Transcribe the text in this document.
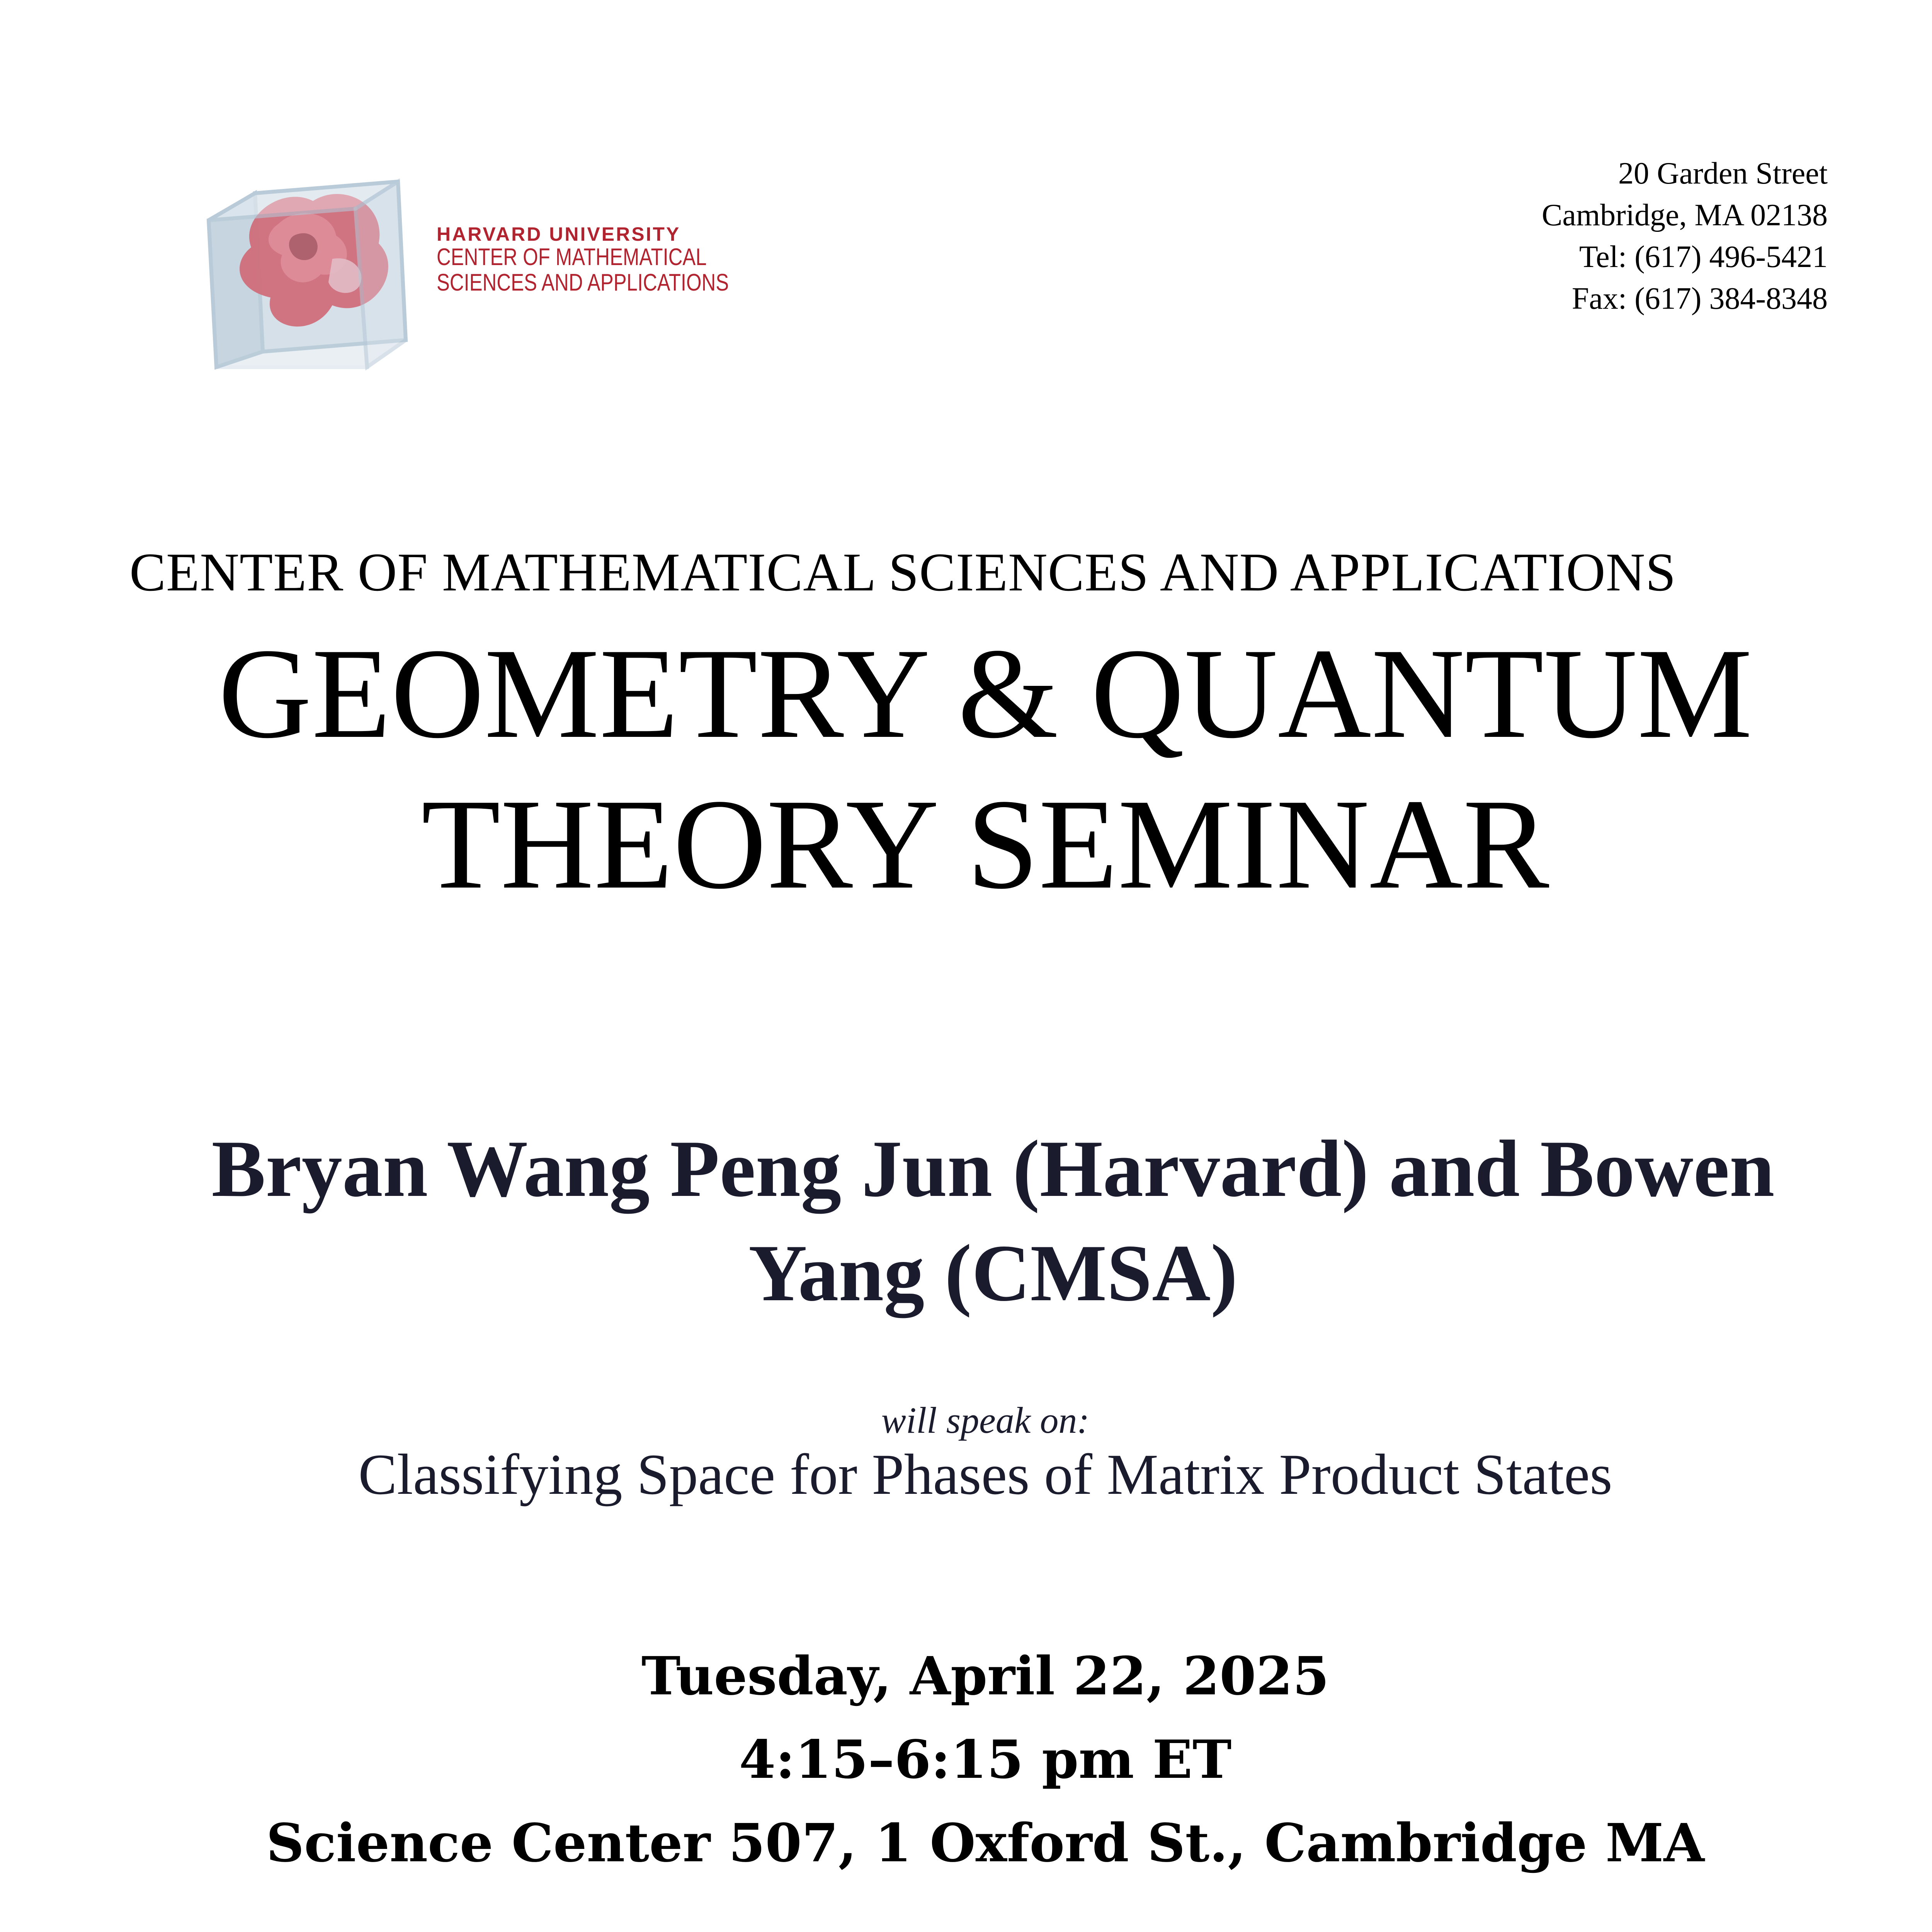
HARVARD UNIVERSITY
CENTER OF MATHEMATICAL
SCIENCES AND APPLICATIONS
20 Garden Street
Cambridge, MA 02138
Tel: (617) 496-5421
Fax: (617) 384-8348
CENTER OF MATHEMATICAL SCIENCES AND APPLICATIONS
GEOMETRY & QUANTUM
THEORY SEMINAR
Bryan Wang Peng Jun (Harvard) and Bowen Yang (CMSA)
will speak on:
Classifying Space for Phases of Matrix Product States
Tuesday, April 22, 2025
4:15–6:15 pm ET
Science Center 507, 1 Oxford St., Cambridge MA
